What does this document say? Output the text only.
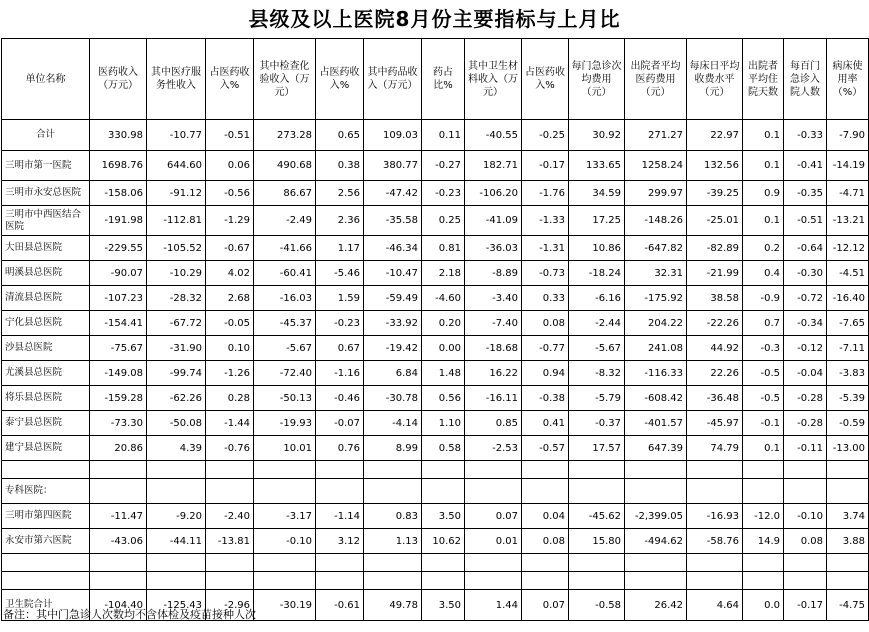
县级及以上医院8月份主要指标与上月比
单位名称	医药收入（万元）	其中医疗服务性收入	占医药收入%	其中检查化验收入（万元）	占医药收入%	其中药品收入（万元）	药占比%	其中卫生材料收入（万元）	占医药收入%	每门急诊次均费用（元）	出院者平均医药费用（元）	每床日平均收费水平（元）	出院者平均住院天数	每百门急诊入院人数	病床使用率（%）
合计	330.98	-10.77	-0.51	273.28	0.65	109.03	0.11	-40.55	-0.25	30.92	271.27	22.97	0.1	-0.33	-7.90
三明市第一医院	1698.76	644.60	0.06	490.68	0.38	380.77	-0.27	182.71	-0.17	133.65	1258.24	132.56	0.1	-0.41	-14.19
三明市永安总医院	-158.06	-91.12	-0.56	86.67	2.56	-47.42	-0.23	-106.20	-1.76	34.59	299.97	-39.25	0.9	-0.35	-4.71
三明市中西医结合医院	-191.98	-112.81	-1.29	-2.49	2.36	-35.58	0.25	-41.09	-1.33	17.25	-148.26	-25.01	0.1	-0.51	-13.21
大田县总医院	-229.55	-105.52	-0.67	-41.66	1.17	-46.34	0.81	-36.03	-1.31	10.86	-647.82	-82.89	0.2	-0.64	-12.12
明溪县总医院	-90.07	-10.29	4.02	-60.41	-5.46	-10.47	2.18	-8.89	-0.73	-18.24	32.31	-21.99	0.4	-0.30	-4.51
清流县总医院	-107.23	-28.32	2.68	-16.03	1.59	-59.49	-4.60	-3.40	0.33	-6.16	-175.92	38.58	-0.9	-0.72	-16.40
宁化县总医院	-154.41	-67.72	-0.05	-45.37	-0.23	-33.92	0.20	-7.40	0.08	-2.44	204.22	-22.26	0.7	-0.34	-7.65
沙县总医院	-75.67	-31.90	0.10	-5.67	0.67	-19.42	0.00	-18.68	-0.77	-5.67	241.08	44.92	-0.3	-0.12	-7.11
尤溪县总医院	-149.08	-99.74	-1.26	-72.40	-1.16	6.84	1.48	16.22	0.94	-8.32	-116.33	22.26	-0.5	-0.04	-3.83
将乐县总医院	-159.28	-62.26	0.28	-50.13	-0.46	-30.78	0.56	-16.11	-0.38	-5.79	-608.42	-36.48	-0.5	-0.28	-5.39
泰宁县总医院	-73.30	-50.08	-1.44	-19.93	-0.07	-4.14	1.10	0.85	0.41	-0.37	-401.57	-45.97	-0.1	-0.28	-0.59
建宁县总医院	20.86	4.39	-0.76	10.01	0.76	8.99	0.58	-2.53	-0.57	17.57	647.39	74.79	0.1	-0.11	-13.00

专科医院：															
三明市第四医院	-11.47	-9.20	-2.40	-3.17	-1.14	0.83	3.50	0.07	0.04	-45.62	-2,399.05	-16.93	-12.0	-0.10	3.74
永安市第六医院	-43.06	-44.11	-13.81	-0.10	3.12	1.13	10.62	0.01	0.08	15.80	-494.62	-58.76	14.9	0.08	3.88

卫生院合计	-104.40	-125.43	-2.96	-30.19	-0.61	49.78	3.50	1.44	0.07	-0.58	26.42	4.64	0.0	-0.17	-4.75
备注：其中门急诊人次数均不含体检及疫苗接种人次
